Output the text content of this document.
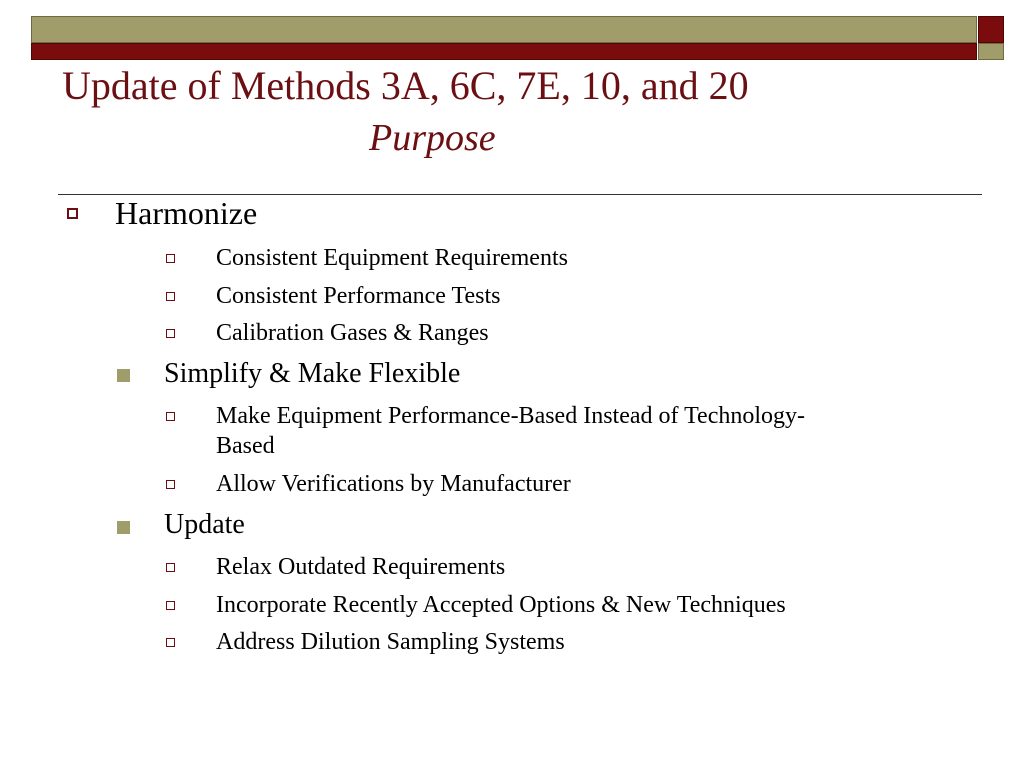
Update of Methods 3A, 6C, 7E, 10, and 20
Purpose
Harmonize
Consistent Equipment Requirements
Consistent Performance Tests
Calibration Gases & Ranges
Simplify & Make Flexible
Make Equipment Performance-Based Instead of Technology-
Based
Allow Verifications by Manufacturer
Update
Relax Outdated Requirements
Incorporate Recently Accepted Options & New Techniques
Address Dilution Sampling Systems
